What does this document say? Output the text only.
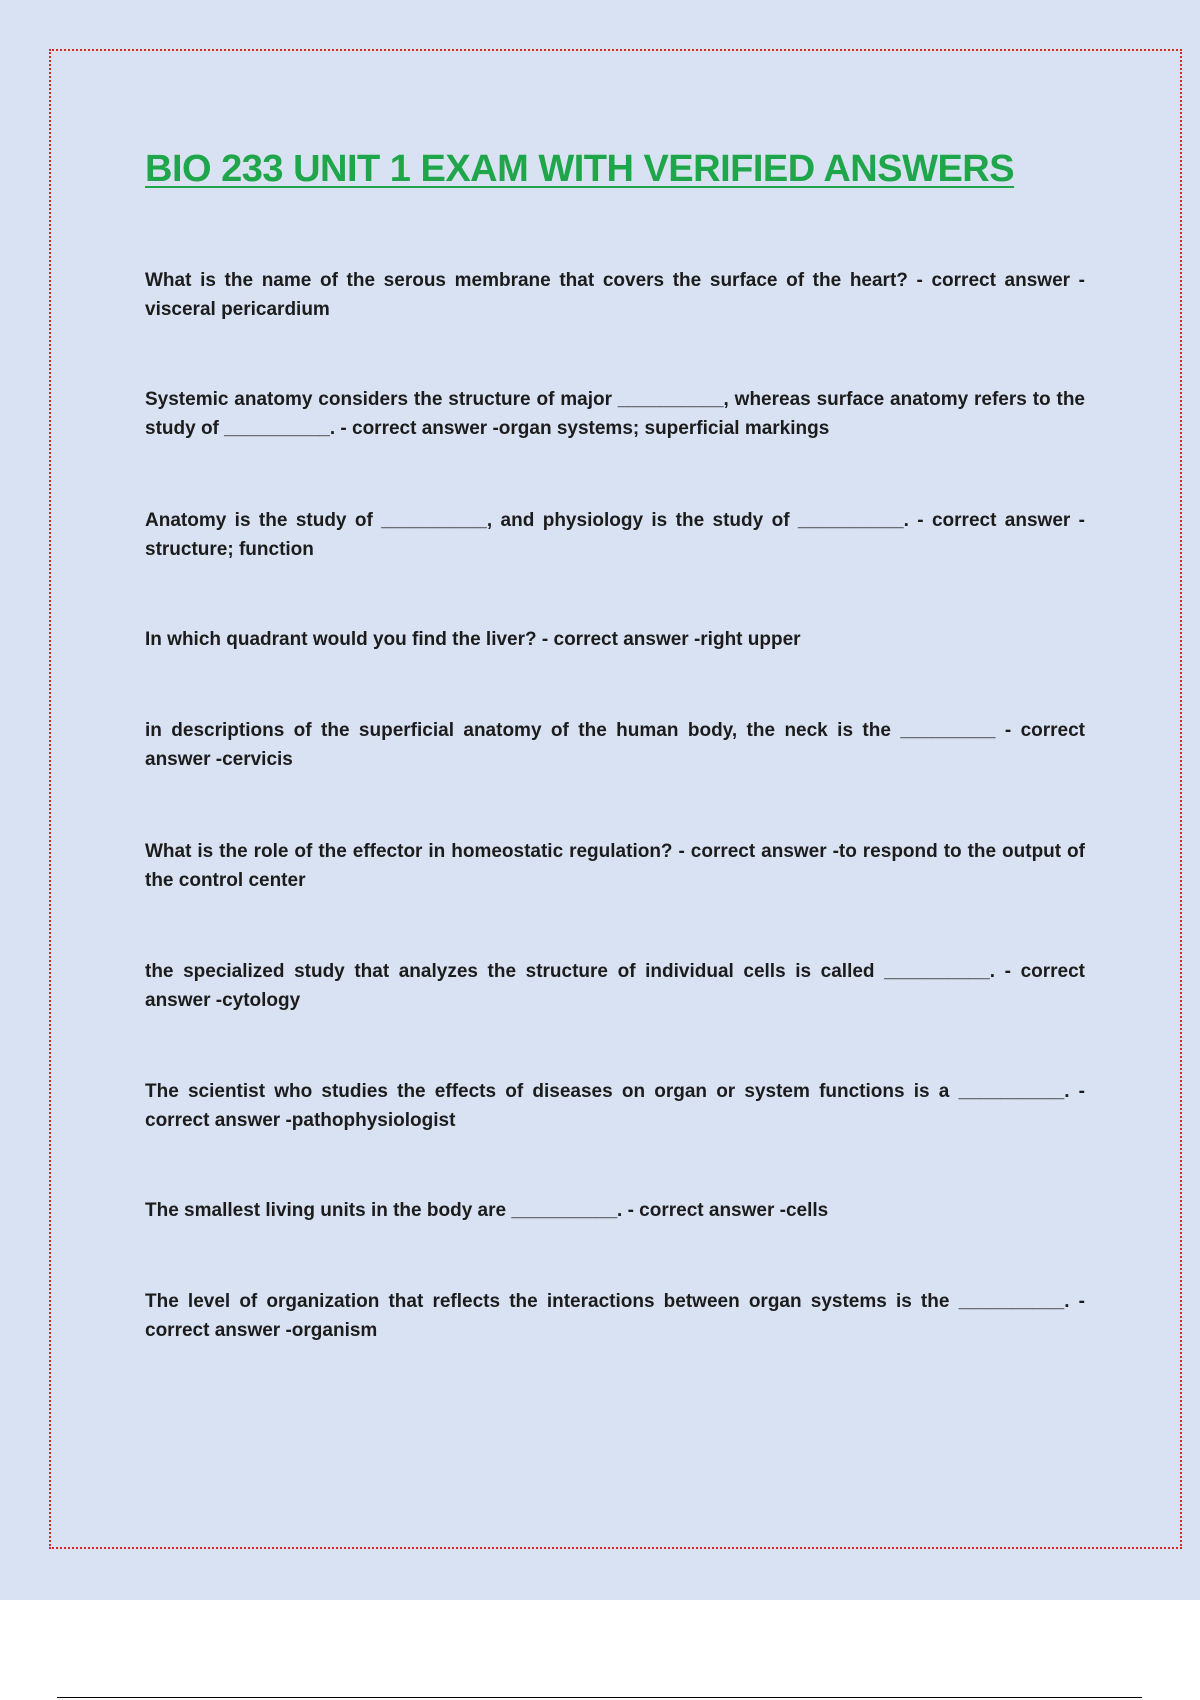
BIO 233 UNIT 1 EXAM WITH VERIFIED ANSWERS

What is the name of the serous membrane that covers the surface of the heart? - correct answer -visceral pericardium

Systemic anatomy considers the structure of major __________, whereas surface anatomy refers to the study of __________. - correct answer -organ systems; superficial markings

Anatomy is the study of __________, and physiology is the study of __________. - correct answer -structure; function

In which quadrant would you find the liver? - correct answer -right upper

in descriptions of the superficial anatomy of the human body, the neck is the _________ - correct answer -cervicis

What is the role of the effector in homeostatic regulation? - correct answer -to respond to the output of the control center

the specialized study that analyzes the structure of individual cells is called __________. - correct answer -cytology

The scientist who studies the effects of diseases on organ or system functions is a __________. - correct answer -pathophysiologist

The smallest living units in the body are __________. - correct answer -cells

The level of organization that reflects the interactions between organ systems is the __________. - correct answer -organism
